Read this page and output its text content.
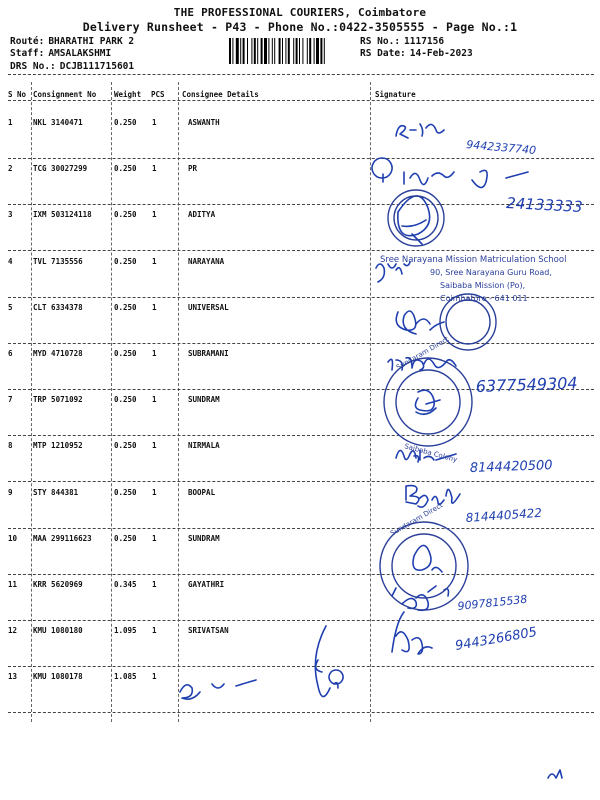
THE PROFESSIONAL COURIERS, Coimbatore
Delivery Runsheet - P43 - Phone No.:0422-3505555 - Page No.:1
Routé: BHARATHI PARK 2
Staff: AMSALAKSHMI
DRS No.: DCJB111715601
RS No.: 1117156
RS Date: 14-Feb-2023
S No Consignment No Weight PCS Consignee Details	Signature
1	NKL 3140471	0.250 1	ASWANTH
2	TCG 30027299	0.250 1	PR
3	IXM 503124118	0.250 1	ADITYA
4	TVL 7135556	0.250 1	NARAYANA
5	CLT 6334378	0.250 1	UNIVERSAL
6	MYD 4710728	0.250 1	SUBRAMANI
7	TRP 5071092	0.250 1	SUNDRAM
8	MTP 1210952	0.250 1	NIRMALA
9	STY 844381	0.250 1	BOOPAL
10 MAA 299116623	0.250 1	SUNDRAM
11 KRR 5620969	0.345 1	GAYATHRI
12 KMU 1080180	1.095 1	SRIVATSAN
13 KMU 1080178	1.085 1
9442337740
24133333
6377549304
8144420500
8144405422
9097815538
9443266805
Sree Narayana Mission Matriculation School
90, Sree Narayana Guru Road,
Saibaba Mission (Po),
Coimbatore - 641 011
Sundaram Direct
Saibaba Colony
Sundaram Direct
